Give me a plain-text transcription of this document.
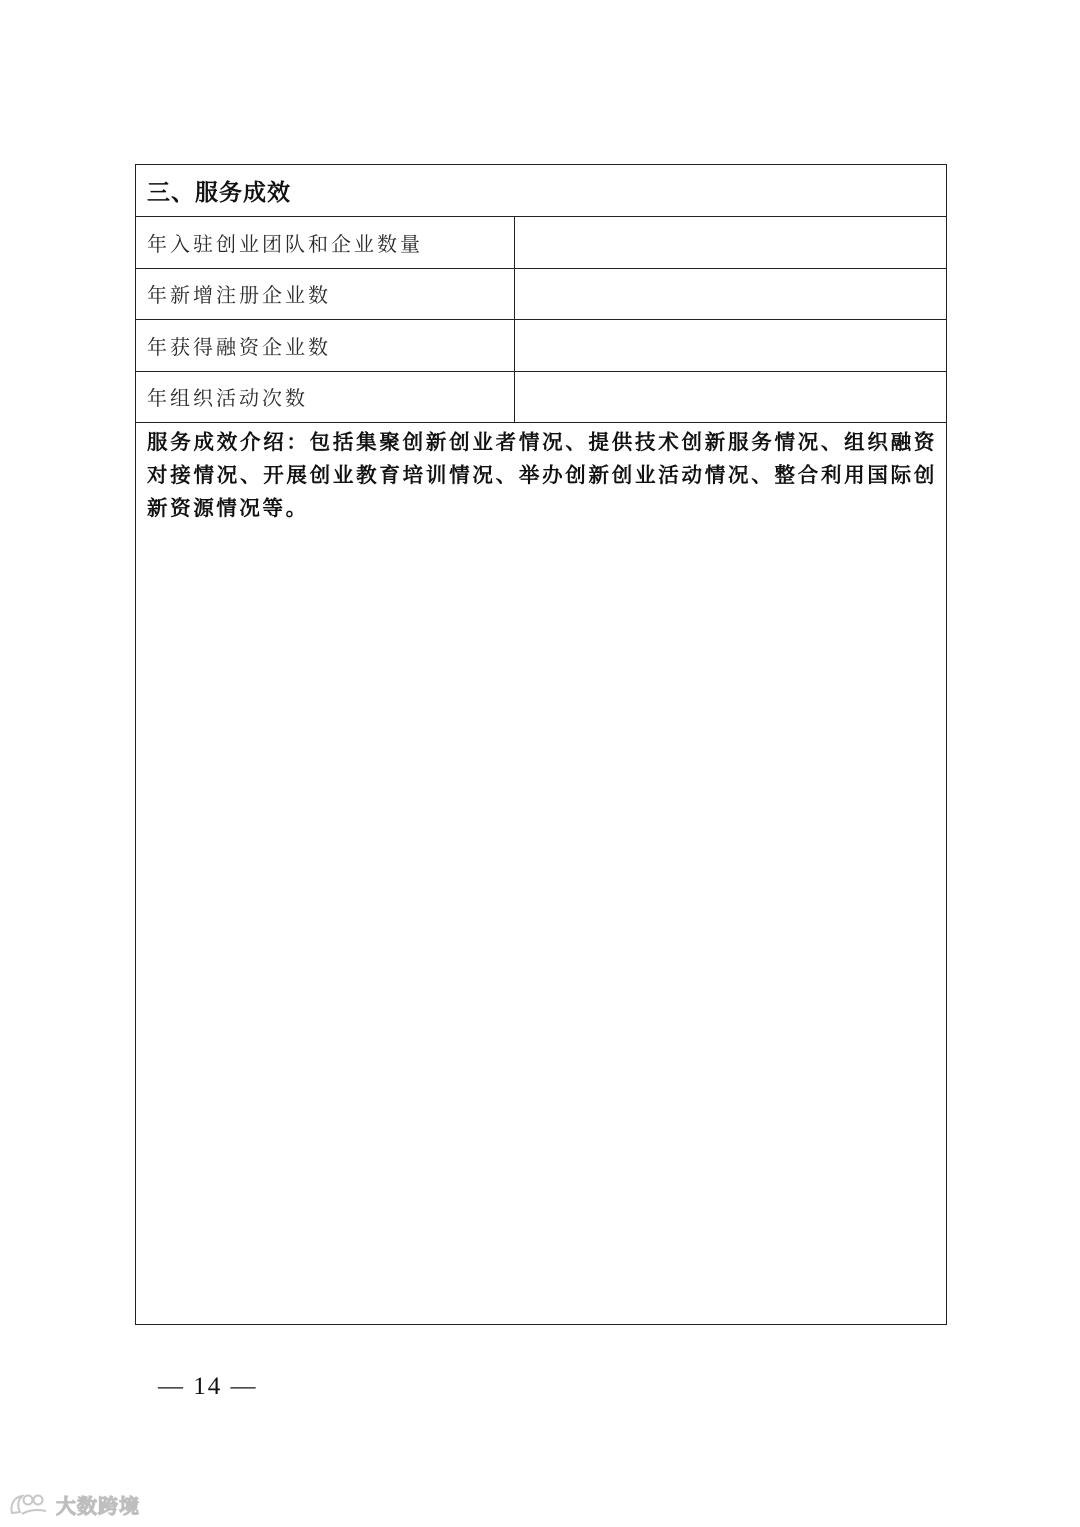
三、服务成效	
年入驻创业团队和企业数量	
年新增注册企业数	
年获得融资企业数	
年组织活动次数	
服务成效介绍：包括集聚创新创业者情况、提供技术创新服务情况、组织融资对接情况、开展创业教育培训情况、举办创新创业活动情况、整合利用国际创新资源情况等。	
— 14 —
大数跨境
